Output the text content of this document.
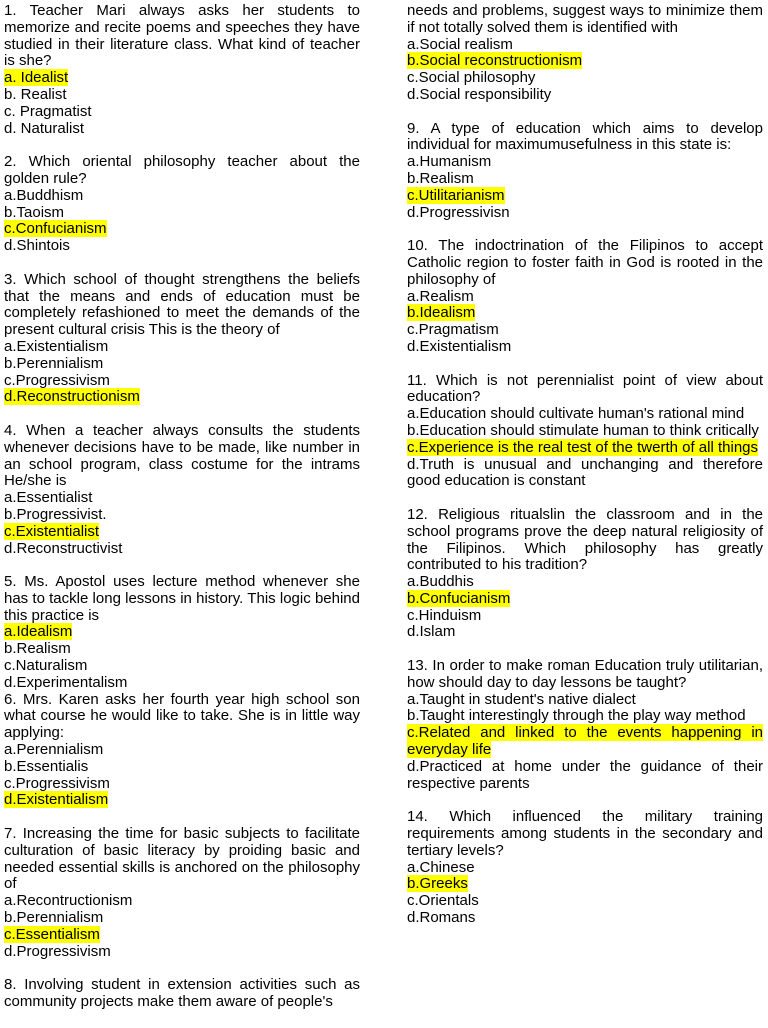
1. Teacher Mari always asks her students to memorize and recite poems and speeches they have studied in their literature class. What kind of teacher is she?

a. Idealist

b. Realist

c. Pragmatist

d. Naturalist

2. Which oriental philosophy teacher about the golden rule?

a.Buddhism

b.Taoism

c.Confucianism

d.Shintois

3. Which school of thought strengthens the beliefs that the means and ends of education must be completely refashioned to meet the demands of the present cultural crisis This is the theory of

a.Existentialism

b.Perennialism

c.Progressivism

d.Reconstructionism

4. When a teacher always consults the students whenever decisions have to be made, like number in an school program, class costume for the intrams He/she is

a.Essentialist

b.Progressivist.

c.Existentialist

d.Reconstructivist

5. Ms. Apostol uses lecture method whenever she has to tackle long lessons in history. This logic behind this practice is

a.Idealism

b.Realism

c.Naturalism

d.Experimentalism

6. Mrs. Karen asks her fourth year high school son what course he would like to take. She is in little way applying:

a.Perennialism

b.Essentialis

c.Progressivism

d.Existentialism

7. Increasing the time for basic subjects to facilitate culturation of basic literacy by proiding basic and needed essential skills is anchored on the philosophy of

a.Recontructionism

b.Perennialism

c.Essentialism

d.Progressivism

8. Involving student in extension activities such as community projects make them aware of people's

needs and problems, suggest ways to minimize them if not totally solved them is identified with

a.Social realism

b.Social reconstructionism

c.Social philosophy

d.Social responsibility

9. A type of education which aims to develop individual for maximumusefulness in this state is:

a.Humanism

b.Realism

c.Utilitarianism

d.Progressivisn

10. The indoctrination of the Filipinos to accept Catholic region to foster faith in God is rooted in the philosophy of

a.Realism

b.Idealism

c.Pragmatism

d.Existentialism

11. Which is not perennialist point of view about education?

a.Education should cultivate human's rational mind

b.Education should stimulate human to think critically

c.Experience is the real test of the twerth of all things

d.Truth is unusual and unchanging and therefore good education is constant

12. Religious ritualslin the classroom and in the school programs prove the deep natural religiosity of the Filipinos. Which philosophy has greatly contributed to his tradition?

a.Buddhis

b.Confucianism

c.Hinduism

d.Islam

13. In order to make roman Education truly utilitarian, how should day to day lessons be taught?

a.Taught in student's native dialect

b.Taught interestingly through the play way method

c.Related and linked to the events happening in everyday life

d.Practiced at home under the guidance of their respective parents

14. Which influenced the military training requirements among students in the secondary and tertiary levels?

a.Chinese

b.Greeks

c.Orientals

d.Romans
